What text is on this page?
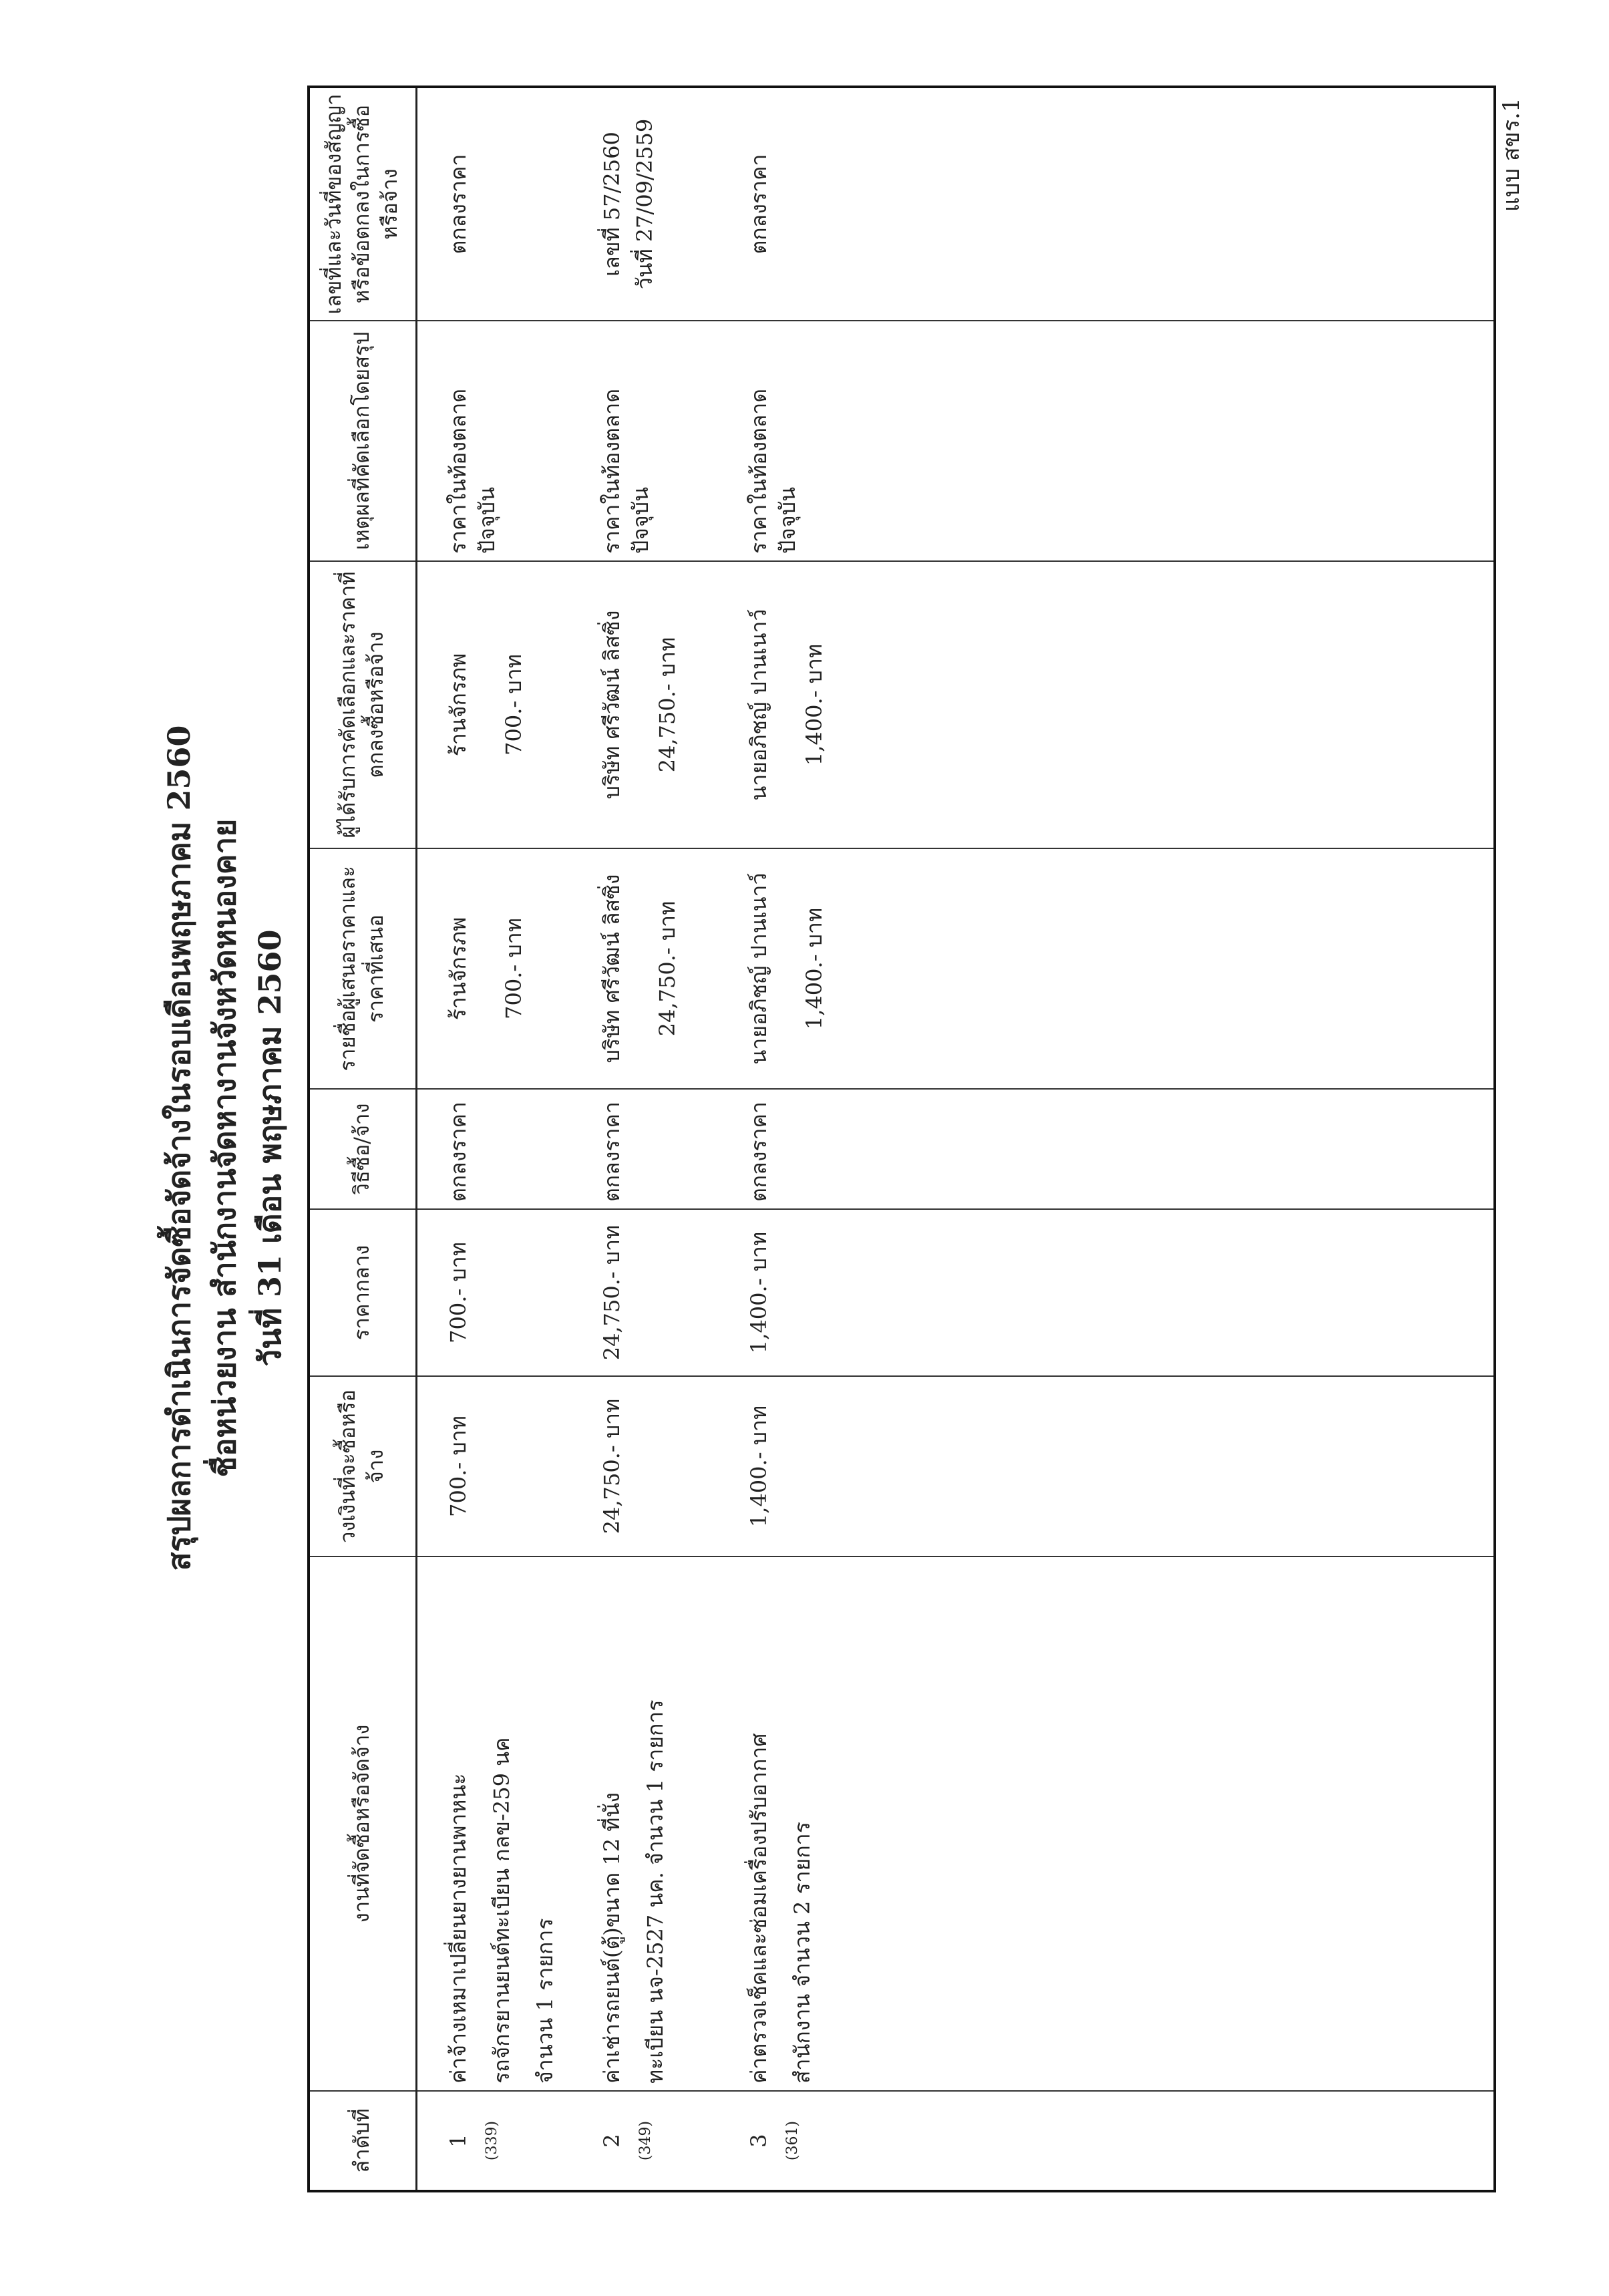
แบบ สขร.1
สรุปผลการดำเนินการจัดซื้อจัดจ้างในรอบเดือนพฤษภาคม 2560 ชื่อหน่วยงาน สำนักงานจัดหางานจังหวัดหนองคาย วันที่ 31 เดือน พฤษภาคม 2560
ลำดับที่	งานที่จัดซื้อหรือจัดจ้าง	วงเงินที่จะซื้อหรือจ้าง	ราคากลาง	วิธีซื้อ/จ้าง	รายชื่อผู้เสนอราคาและราคาที่เสนอ	ผู้ได้รับการคัดเลือกและราคาที่ตกลงซื้อหรือจ้าง	เหตุผลที่คัดเลือกโดยสรุป	เลขที่และวันที่ของสัญญาหรือข้อตกลงในการซื้อหรือจ้าง
1 (339)	ค่าจ้างเหมาเปลี่ยนยางยานพาหนะ รถจักรยานยนต์ทะเบียน กลข-259 นค จำนวน 1 รายการ	700.- บาท	700.- บาท	ตกลงราคา	ร้านจักรภพ 700.- บาท	ร้านจักรภพ 700.- บาท	ราคาในท้องตลาดปัจจุบัน	ตกลงราคา

2 (349)	ค่าเช่ารถยนต์(ตู้)ขนาด 12 ที่นั่ง ทะเบียน นจ-2527 นค. จำนวน 1 รายการ	24,750.- บาท	24,750.- บาท	ตกลงราคา	บริษัท ศรีวัฒน์ ลิสซิ่ง 24,750.- บาท	บริษัท ศรีวัฒน์ ลิสซิ่ง 24,750.- บาท	ราคาในท้องตลาดปัจจุบัน	เลขที่ 57/2560 วันที่ 27/09/2559

3 (361)	ค่าตรวจเช็คและซ่อมเครื่องปรับอากาศ สำนักงาน จำนวน 2 รายการ	1,400.- บาท	1,400.- บาท	ตกลงราคา	นายอภิชญ์ ปานเนาว์ 1,400.- บาท	นายอภิชญ์ ปานเนาว์ 1,400.- บาท	ราคาในท้องตลาดปัจจุบัน	ตกลงราคา
